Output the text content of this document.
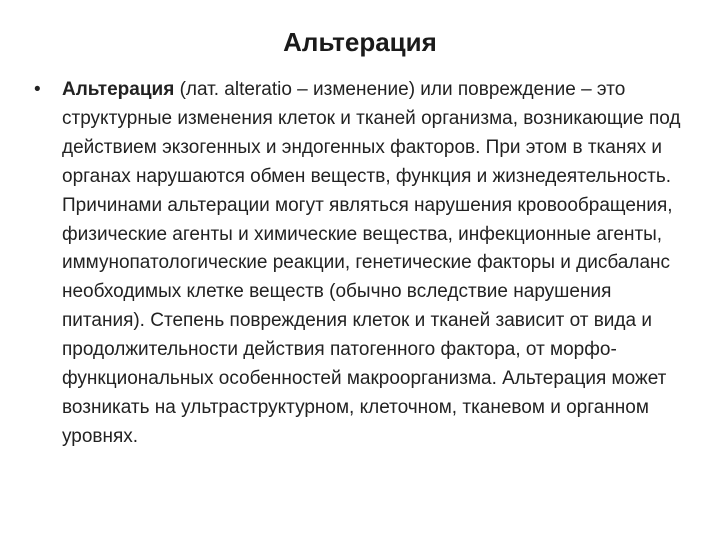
Альтерация
• Альтерация (лат. alteratio – изменение) или повреждение – это структурные изменения клеток и тканей организма, возникающие под действием экзогенных и эндогенных факторов. При этом в тканях и органах нарушаются обмен веществ, функция и жизнедеятельность. Причинами альтерации могут являться нарушения кровообращения, физические агенты и химические вещества, инфекционные агенты, иммунопатологические реакции, генетические факторы и дисбаланс необходимых клетке веществ (обычно вследствие нарушения питания). Степень повреждения клеток и тканей зависит от вида и продолжительности действия патогенного фактора, от морфо-функциональных особенностей макроорганизма. Альтерация может возникать на ультраструктурном, клеточном, тканевом и органном уровнях.
